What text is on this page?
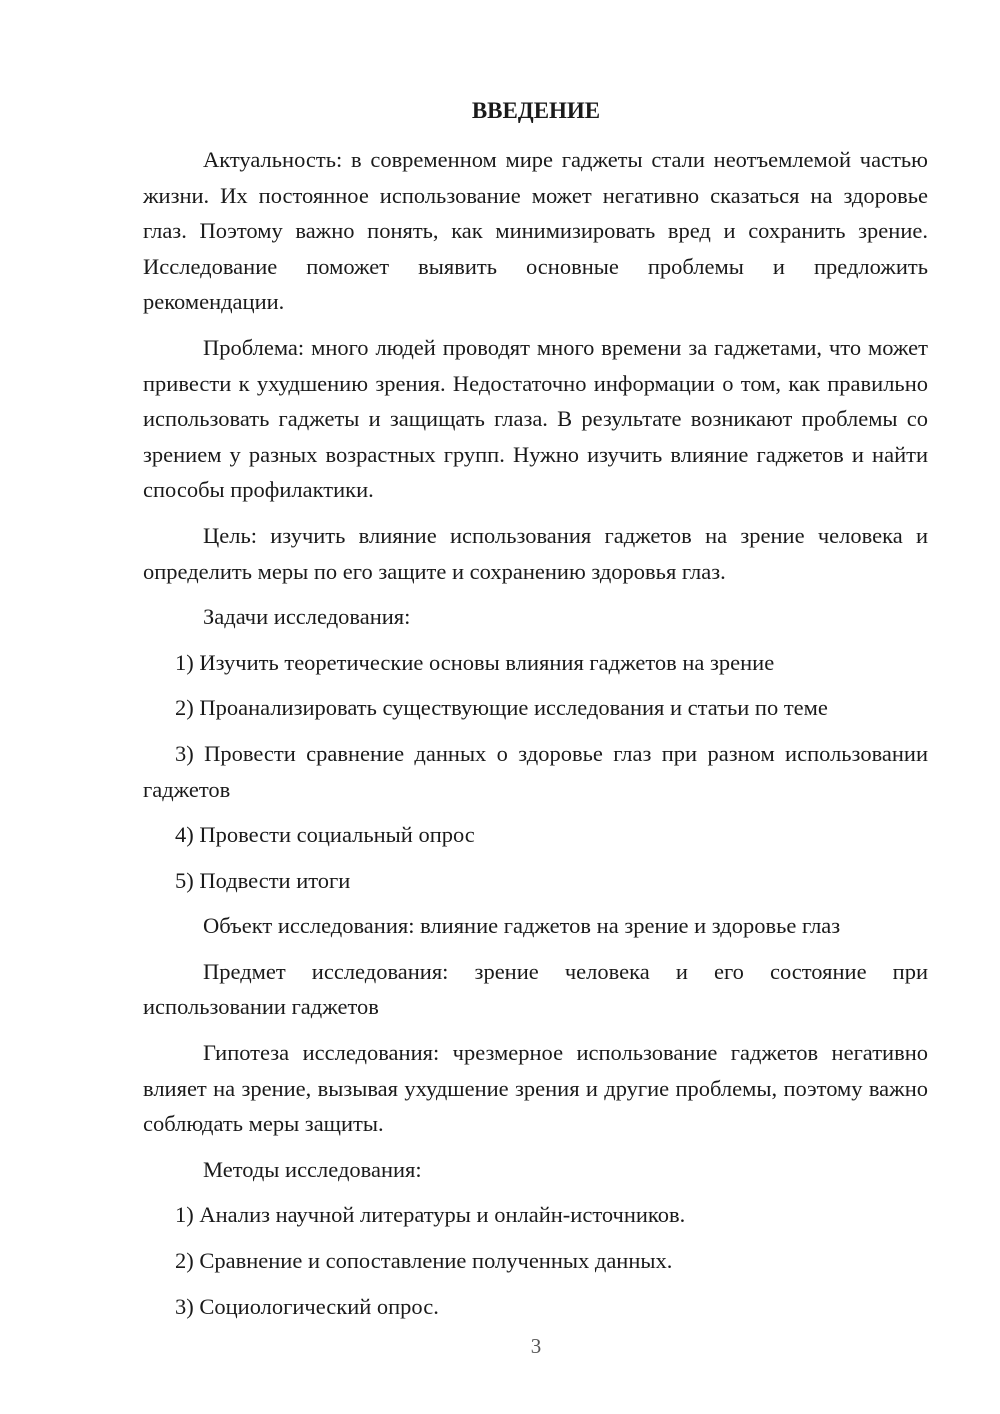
ВВЕДЕНИЕ

Актуальность: в современном мире гаджеты стали неотъемлемой частью жизни. Их постоянное использование может негативно сказаться на здоровье глаз. Поэтому важно понять, как минимизировать вред и сохранить зрение. Исследование поможет выявить основные проблемы и предложить рекомендации.

Проблема: много людей проводят много времени за гаджетами, что может привести к ухудшению зрения. Недостаточно информации о том, как правильно использовать гаджеты и защищать глаза. В результате возникают проблемы со зрением у разных возрастных групп. Нужно изучить влияние гаджетов и найти способы профилактики.

Цель: изучить влияние использования гаджетов на зрение человека и определить меры по его защите и сохранению здоровья глаз.

Задачи исследования:

1) Изучить теоретические основы влияния гаджетов на зрение

2) Проанализировать существующие исследования и статьи по теме

3) Провести сравнение данных о здоровье глаз при разном использовании гаджетов

4) Провести социальный опрос

5) Подвести итоги

Объект исследования: влияние гаджетов на зрение и здоровье глаз

Предмет исследования: зрение человека и его состояние при использовании гаджетов

Гипотеза исследования: чрезмерное использование гаджетов негативно влияет на зрение, вызывая ухудшение зрения и другие проблемы, поэтому важно соблюдать меры защиты.

Методы исследования:

1) Анализ научной литературы и онлайн-источников.

2) Сравнение и сопоставление полученных данных.

3) Социологический опрос.

3
